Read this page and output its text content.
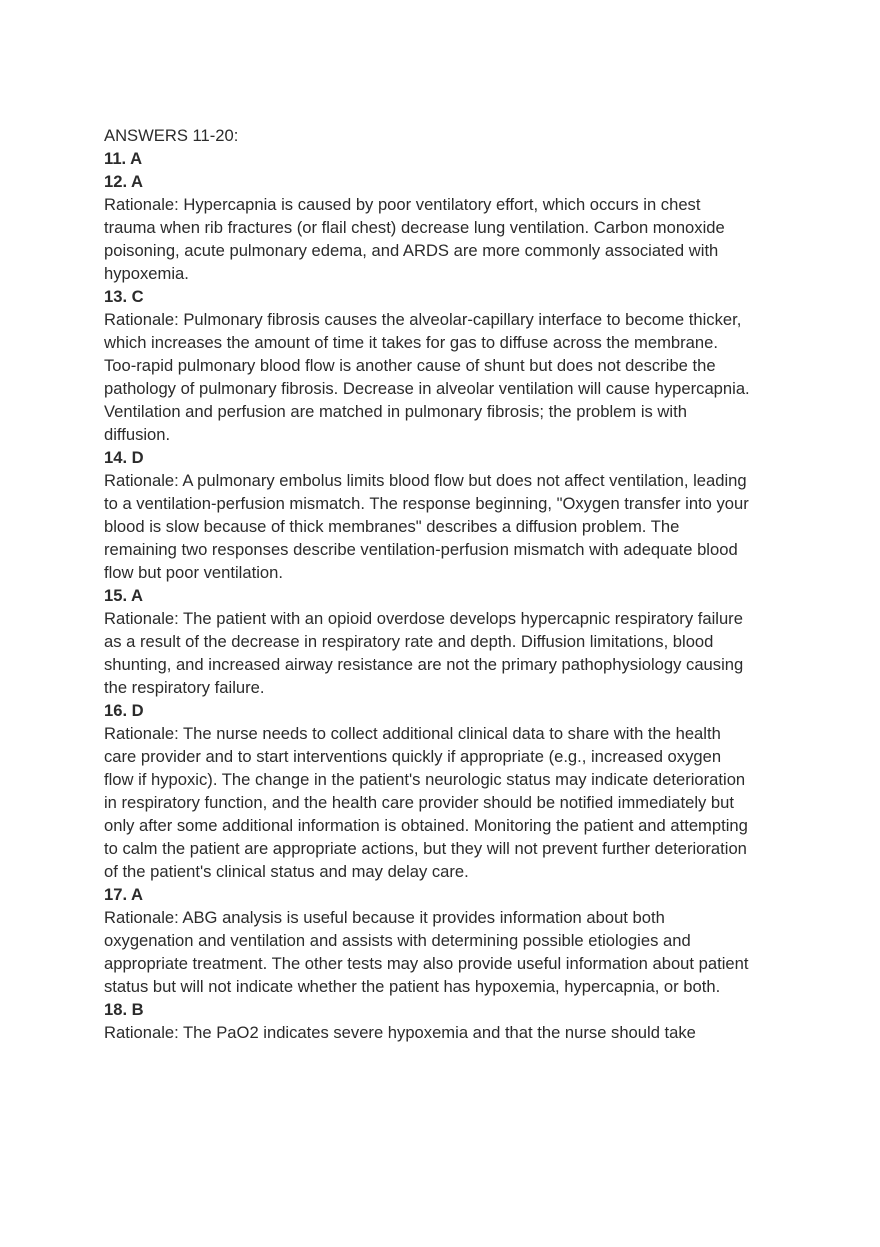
ANSWERS 11-20:

11. A

12. A

Rationale: Hypercapnia is caused by poor ventilatory effort, which occurs in chest

trauma when rib fractures (or flail chest) decrease lung ventilation. Carbon monoxide

poisoning, acute pulmonary edema, and ARDS are more commonly associated with

hypoxemia.

13. C

Rationale: Pulmonary fibrosis causes the alveolar-capillary interface to become thicker,

which increases the amount of time it takes for gas to diffuse across the membrane.

Too-rapid pulmonary blood flow is another cause of shunt but does not describe the

pathology of pulmonary fibrosis. Decrease in alveolar ventilation will cause hypercapnia.

Ventilation and perfusion are matched in pulmonary fibrosis; the problem is with

diffusion.

14. D

Rationale: A pulmonary embolus limits blood flow but does not affect ventilation, leading

to a ventilation-perfusion mismatch. The response beginning, "Oxygen transfer into your

blood is slow because of thick membranes" describes a diffusion problem. The

remaining two responses describe ventilation-perfusion mismatch with adequate blood

flow but poor ventilation.

15. A

Rationale: The patient with an opioid overdose develops hypercapnic respiratory failure

as a result of the decrease in respiratory rate and depth. Diffusion limitations, blood

shunting, and increased airway resistance are not the primary pathophysiology causing

the respiratory failure.

16. D

Rationale: The nurse needs to collect additional clinical data to share with the health

care provider and to start interventions quickly if appropriate (e.g., increased oxygen

flow if hypoxic). The change in the patient's neurologic status may indicate deterioration

in respiratory function, and the health care provider should be notified immediately but

only after some additional information is obtained. Monitoring the patient and attempting

to calm the patient are appropriate actions, but they will not prevent further deterioration

of the patient's clinical status and may delay care.

17. A

Rationale: ABG analysis is useful because it provides information about both

oxygenation and ventilation and assists with determining possible etiologies and

appropriate treatment. The other tests may also provide useful information about patient

status but will not indicate whether the patient has hypoxemia, hypercapnia, or both.

18. B

Rationale: The PaO2 indicates severe hypoxemia and that the nurse should take
